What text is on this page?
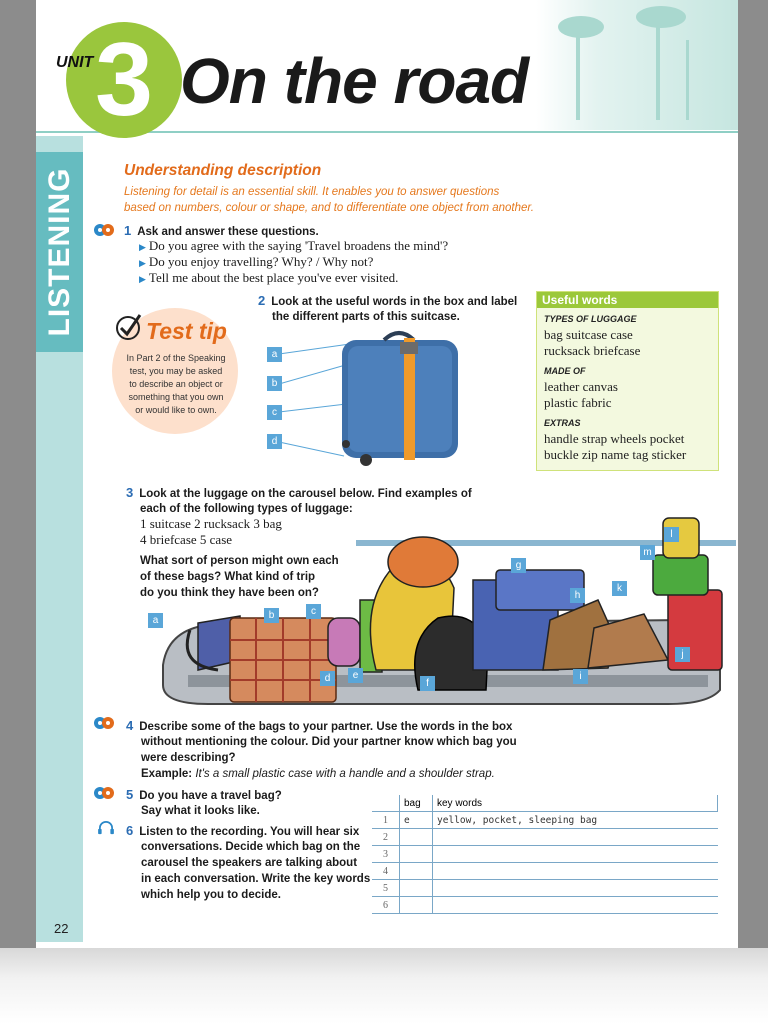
3
UNIT On the road
LISTENING
22
Understanding description
Listening for detail is an essential skill. It enables you to answer questions
based on numbers, colour or shape, and to differentiate one object from another.
1 Ask and answer these questions.
▶ Do you agree with the saying 'Travel broadens the mind'?
▶ Do you enjoy travelling? Why? / Why not?
▶ Tell me about the best place you've ever visited.
Test tip
In Part 2 of the Speaking test, you may be asked to describe an object or something that you own or would like to own.
2 Look at the useful words in the box and label
the different parts of this suitcase.
a
b
c
d
Useful words
TYPES OF LUGGAGE
bag suitcase case
rucksack briefcase
MADE OF
leather canvas
plastic fabric
EXTRAS
handle strap wheels pocket
buckle zip name tag sticker
3 Look at the luggage on the carousel below. Find examples of
each of the following types of luggage:
1 suitcase 2 rucksack 3 bag
4 briefcase 5 case
What sort of person might own each
of these bags? What kind of trip
do you think they have been on?
a	b	c
d	e
f
g
h
i
j
k
l
m
4 Describe some of the bags to your partner. Use the words in the box
without mentioning the colour. Did your partner know which bag you
were describing?
Example: It's a small plastic case with a handle and a shoulder strap.
5 Do you have a travel bag?
Say what it looks like.
6 Listen to the recording. You will hear six
conversations. Decide which bag on the
carousel the speakers are talking about
in each conversation. Write the key words
which help you to decide.
	bag	key words
1	e	yellow, pocket, sleeping bag
2		
3		
4		
5		
6		
